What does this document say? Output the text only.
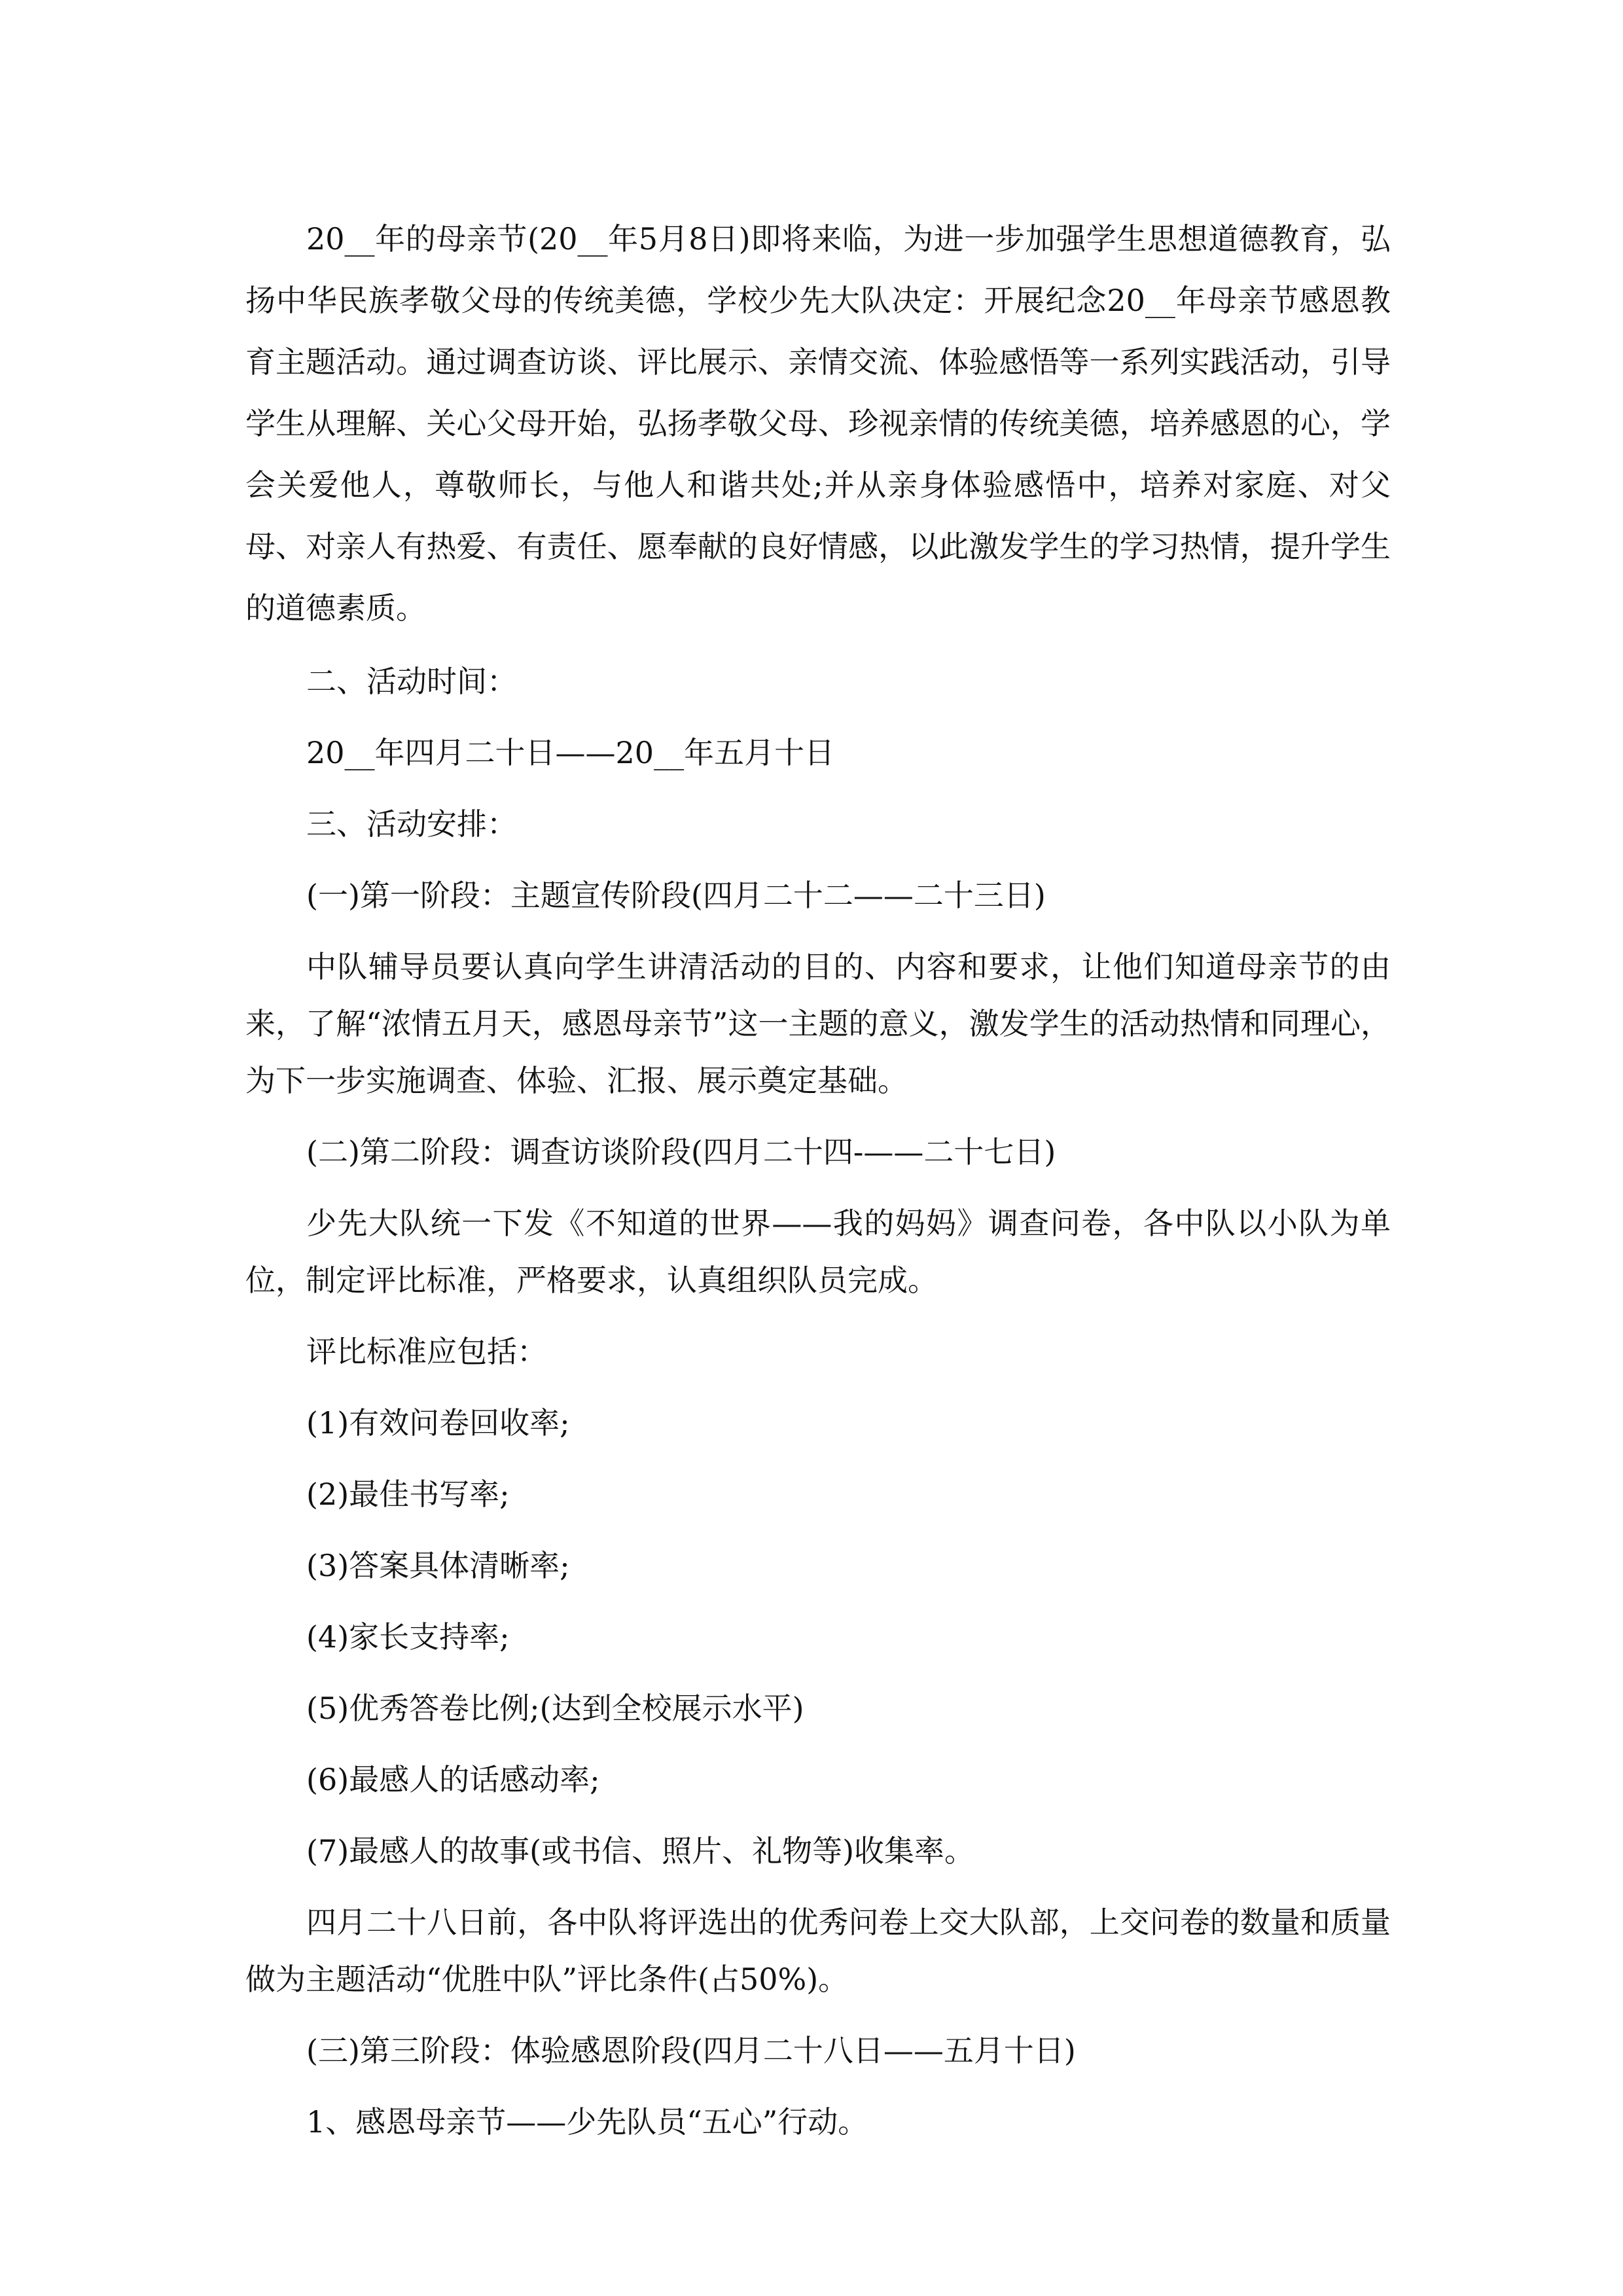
20__年的母亲节(20__年5月8日)即将来临，为进一步加强学生思想道德教育，弘扬中华民族孝敬父母的传统美德，学校少先大队决定：开展纪念20__年母亲节感恩教育主题活动。通过调查访谈、评比展示、亲情交流、体验感悟等一系列实践活动，引导学生从理解、关心父母开始，弘扬孝敬父母、珍视亲情的传统美德，培养感恩的心，学会关爱他人，尊敬师长，与他人和谐共处;并从亲身体验感悟中，培养对家庭、对父母、对亲人有热爱、有责任、愿奉献的良好情感，以此激发学生的学习热情，提升学生的道德素质。

二、活动时间：

20__年四月二十日——20__年五月十日

三、活动安排：

(一)第一阶段：主题宣传阶段(四月二十二——二十三日)

中队辅导员要认真向学生讲清活动的目的、内容和要求，让他们知道母亲节的由来，了解“浓情五月天，感恩母亲节”这一主题的意义，激发学生的活动热情和同理心，为下一步实施调查、体验、汇报、展示奠定基础。

(二)第二阶段：调查访谈阶段(四月二十四-——二十七日)

少先大队统一下发《不知道的世界——我的妈妈》调查问卷，各中队以小队为单位，制定评比标准，严格要求，认真组织队员完成。

评比标准应包括：

(1)有效问卷回收率;

(2)最佳书写率;

(3)答案具体清晰率;

(4)家长支持率;

(5)优秀答卷比例;(达到全校展示水平)

(6)最感人的话感动率;

(7)最感人的故事(或书信、照片、礼物等)收集率。

四月二十八日前，各中队将评选出的优秀问卷上交大队部，上交问卷的数量和质量做为主题活动“优胜中队”评比条件(占50%)。

(三)第三阶段：体验感恩阶段(四月二十八日——五月十日)

1、感恩母亲节——少先队员“五心”行动。
